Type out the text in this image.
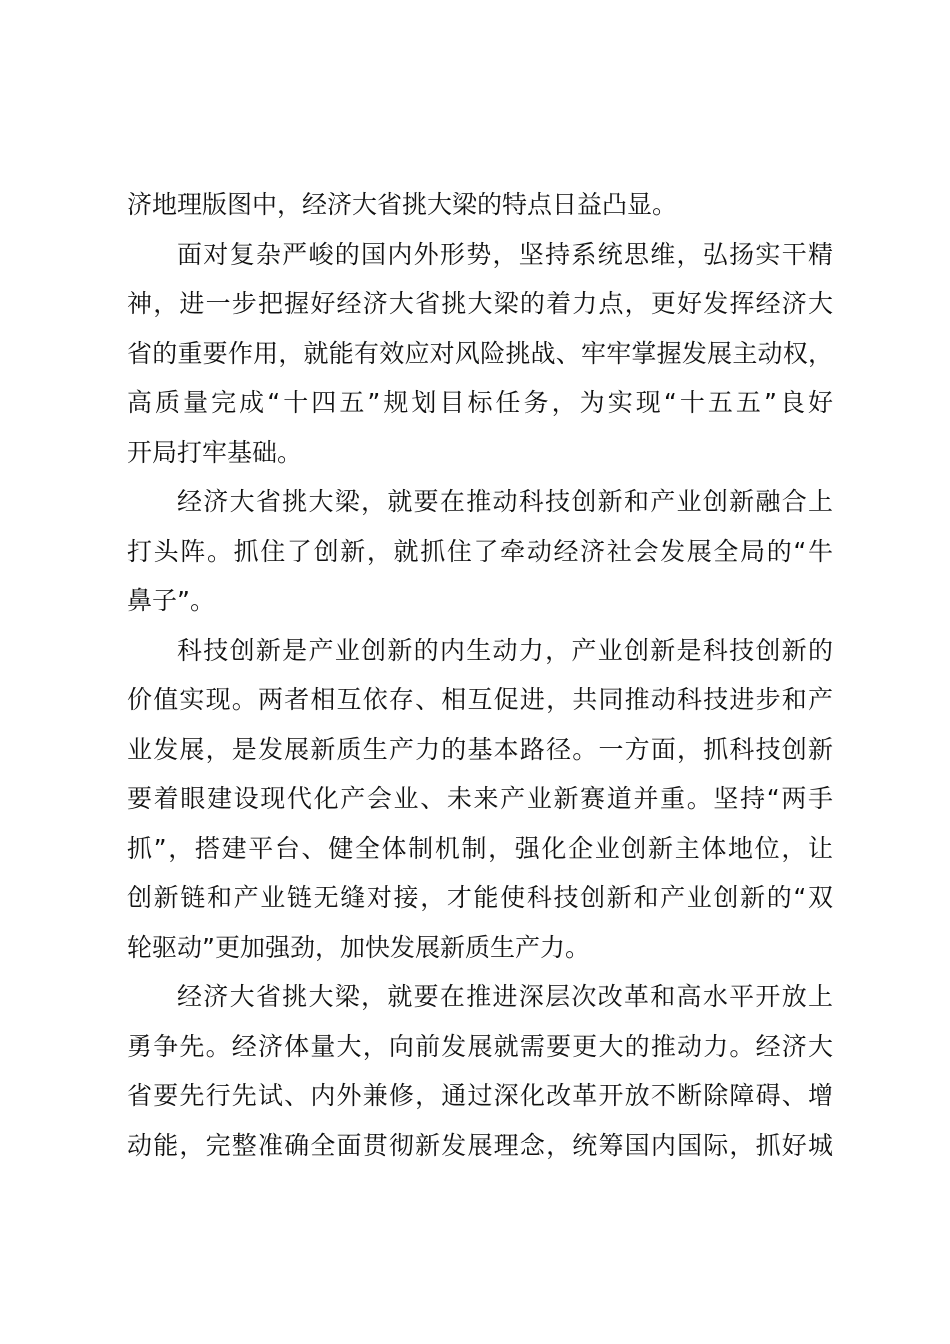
济地理版图中，经济大省挑大梁的特点日益凸显。
面对复杂严峻的国内外形势，坚持系统思维，弘扬实干精
神，进一步把握好经济大省挑大梁的着力点，更好发挥经济大
省的重要作用，就能有效应对风险挑战、牢牢掌握发展主动权，
高质量完成“十四五”规划目标任务，为实现“十五五”良好
开局打牢基础。
经济大省挑大梁，就要在推动科技创新和产业创新融合上
打头阵。抓住了创新，就抓住了牵动经济社会发展全局的“牛
鼻子”。
科技创新是产业创新的内生动力，产业创新是科技创新的
价值实现。两者相互依存、相互促进，共同推动科技进步和产
业发展，是发展新质生产力的基本路径。一方面，抓科技创新
要着眼建设现代化产会业、未来产业新赛道并重。坚持“两手
抓”，搭建平台、健全体制机制，强化企业创新主体地位，让
创新链和产业链无缝对接，才能使科技创新和产业创新的“双
轮驱动”更加强劲，加快发展新质生产力。
经济大省挑大梁，就要在推进深层次改革和高水平开放上
勇争先。经济体量大，向前发展就需要更大的推动力。经济大
省要先行先试、内外兼修，通过深化改革开放不断除障碍、增
动能，完整准确全面贯彻新发展理念，统筹国内国际，抓好城
